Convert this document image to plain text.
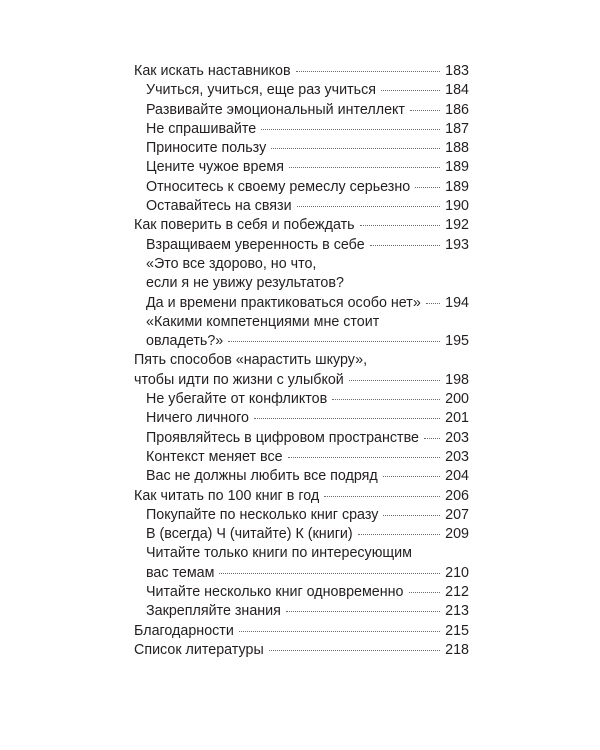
Как искать наставников	183
Учиться, учиться, еще раз учиться	184
Развивайте эмоциональный интеллект	186
Не спрашивайте	187
Приносите пользу	188
Цените чужое время	189
Относитесь к своему ремеслу серьезно 189
Оставайтесь на связи	190
Как поверить в себя и побеждать	192
Взращиваем уверенность в себе	193
«Это все здорово, но что,
если я не увижу результатов?
Да и времени практиковаться особо нет» 194
«Какими компетенциями мне стоит
овладеть?»	195
Пять способов «нарастить шкуру»,
чтобы идти по жизни с улыбкой	198
Не убегайте от конфликтов	200
Ничего личного	201
Проявляйтесь в цифровом пространстве 203
Контекст меняет все	203
Вас не должны любить все подряд	204
Как читать по 100 книг в год	206
Покупайте по несколько книг сразу	207
В (всегда) Ч (читайте) К (книги)	209
Читайте только книги по интересующим
вас темам	210
Читайте несколько книг одновременно	212
Закрепляйте знания	213
Благодарности	215
Список литературы	218
